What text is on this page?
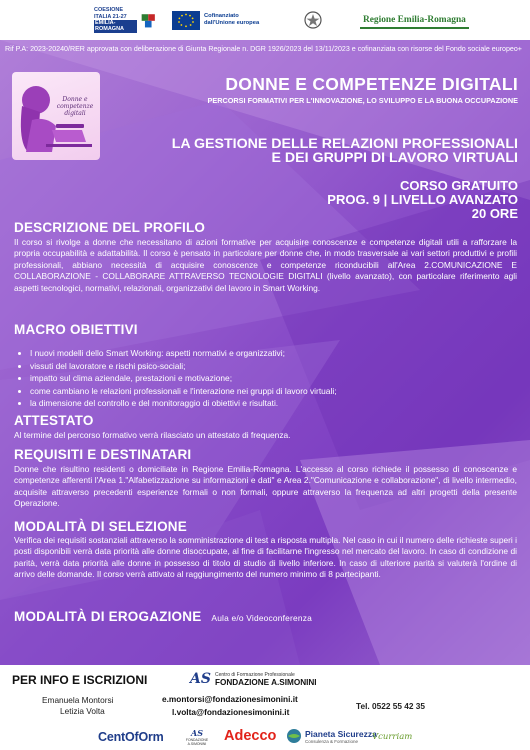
COESIONE
ITALIA 21-27
EMILIA-ROMAGNA
Cofinanziato
dall'Unione europea	Regione Emilia-Romagna
Rif P.A: 2023-20240/RER approvata con deliberazione di Giunta Regionale n. DGR 1926/2023 del 13/11/2023 e cofinanziata con risorse del Fondo sociale europeo+
Donne e
competenze digitali
DONNE E COMPETENZE DIGITALI
PERCORSI FORMATIVI PER L'INNOVAZIONE, LO SVILUPPO E LA BUONA OCCUPAZIONE
LA GESTIONE DELLE RELAZIONI PROFESSIONALI
E DEI GRUPPI DI LAVORO VIRTUALI
CORSO GRATUITO
PROG. 9 | LIVELLO AVANZATO
20 ORE
DESCRIZIONE DEL PROFILO
Il corso si rivolge a donne che necessitano di azioni formative per acquisire conoscenze e competenze digitali utili a rafforzare la propria occupabilità e adattabilità. Il corso è pensato in particolare per donne che, in modo trasversale ai vari settori produttivi e profili professionali, abbiano necessità di acquisire conoscenze e competenze riconducibili all'Area 2.COMUNICAZIONE E COLLABORAZIONE - COLLABORARE ATTRAVERSO TECNOLOGIE DIGITALI (livello avanzato), con particolare riferimento agli aspetti tecnologici, normativi, relazionali, organizzativi del lavoro in Smart Working.
MACRO OBIETTIVI
• I nuovi modelli dello Smart Working: aspetti normativi e organizzativi;
• vissuti del lavoratore e rischi psico-sociali;
• impatto sul clima aziendale, prestazioni e motivazione;
• come cambiano le relazioni professionali e l'interazione nei gruppi di lavoro virtuali;
• la dimensione del controllo e del monitoraggio di obiettivi e risultati.
ATTESTATO
Al termine del percorso formativo verrà rilasciato un attestato di frequenza.
REQUISITI E DESTINATARI
Donne che risultino residenti o domiciliate in Regione Emilia-Romagna. L'accesso al corso richiede il possesso di conoscenze e competenze afferenti l'Area 1."Alfabetizzazione su informazioni e dati" e Area 2."Comunicazione e collaborazione", di livello intermedio, acquisite attraverso precedenti esperienze formali o non formali, oppure attraverso la frequenza ad altri progetti della presente Operazione.
MODALITÀ DI SELEZIONE
Verifica dei requisiti sostanziali attraverso la somministrazione di test a risposta multipla. Nel caso in cui il numero delle richieste superi i posti disponibili verrà data priorità alle donne disoccupate, al fine di facilitarne l'ingresso nel mercato del lavoro. In caso di condizione di parità, verrà data priorità alle donne in possesso di titolo di studio di livello inferiore. In caso di ulteriore parità si valuterà l'ordine di arrivo delle domande. Il corso verrà attivato al raggiungimento del numero minimo di 8 partecipanti.
MODALITÀ DI EROGAZIONE Aula e/o Videoconferenza
PER INFO E ISCRIZIONI	AS Centro di Formazione Professionale
FONDAZIONE A.SIMONINI
Emanuela Montorsi
Letizia Volta
e.montorsi@fondazionesimonini.it
l.volta@fondazionesimonini.it
Tel. 0522 55 42 35
CentOfOrm	AS
FONDAZIONE A.SIMONINI	Adecco	Pianeta Sicurezza
Consulenza & Formazione	Vcurriam
